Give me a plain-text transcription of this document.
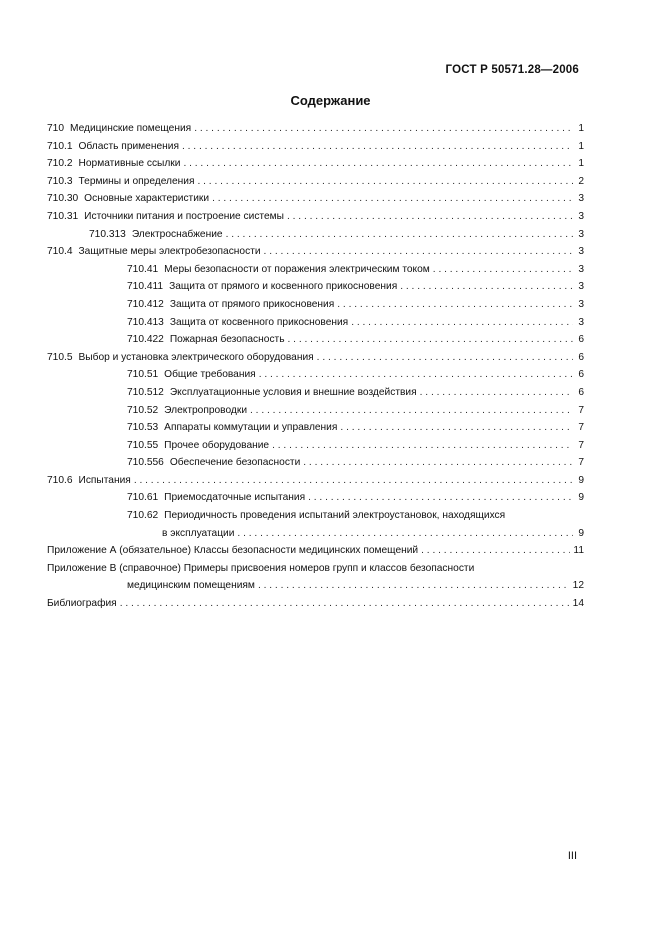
ГОСТ Р 50571.28—2006
Содержание
710 Медицинские помещения . . .	1
710.1 Область применения . . .	1
710.2 Нормативные ссылки . . .	1
710.3 Термины и определения . . .	2
710.30 Основные характеристики . . .	3
710.31 Источники питания и построение системы . . .	3
710.313 Электроснабжение . . .	3
710.4 Защитные меры электробезопасности . . .	3
710.41 Меры безопасности от поражения электрическим током . . .	3
710.411 Защита от прямого и косвенного прикосновения . . .	3
710.412 Защита от прямого прикосновения . . .	3
710.413 Защита от косвенного прикосновения . . .	3
710.422 Пожарная безопасность . . .	6
710.5 Выбор и установка электрического оборудования . . .	6
710.51 Общие требования . . .	6
710.512 Эксплуатационные условия и внешние воздействия . . .	6
710.52 Электропроводки . . .	7
710.53 Аппараты коммутации и управления . . .	7
710.55 Прочее оборудование . . .	7
710.556 Обеспечение безопасности . . .	7
710.6 Испытания . . .	9
710.61 Приемосдаточные испытания . . .	9
710.62 Периодичность проведения испытаний электроустановок, находящихся
в эксплуатации . . .	9
Приложение А (обязательное) Классы безопасности медицинских помещений . . .	11
Приложение В (справочное) Примеры присвоения номеров групп и классов безопасности
медицинским помещениям . . .	12
Библиография . . .	14
III
